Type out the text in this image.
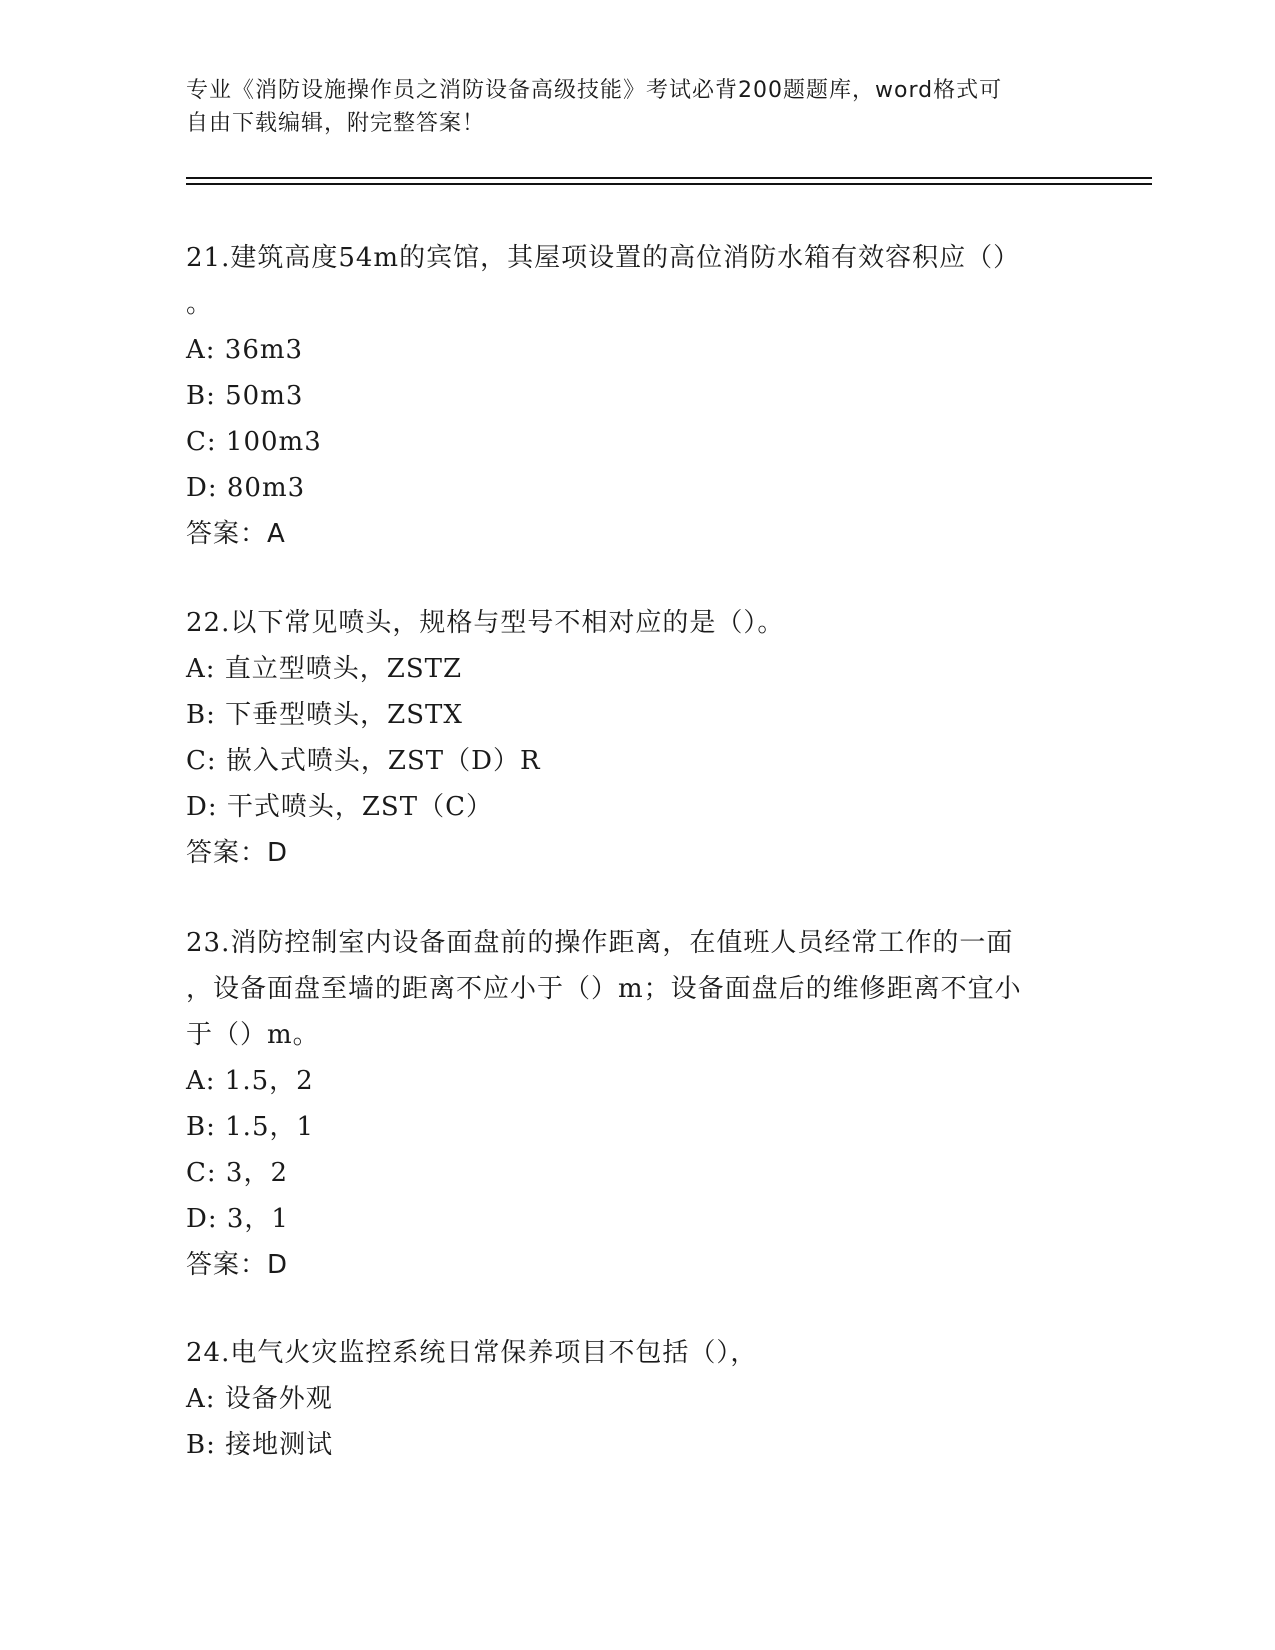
专业《消防设施操作员之消防设备高级技能》考试必背200题题库，word格式可
自由下载编辑，附完整答案！
21.建筑高度54m的宾馆，其屋项设置的高位消防水箱有效容积应（）
。
A: 36m3
B: 50m3
C: 100m3
D: 80m3
答案：A
22.以下常见喷头，规格与型号不相对应的是（）。
A: 直立型喷头，ZSTZ
B: 下垂型喷头，ZSTX
C: 嵌入式喷头，ZST（D）R
D: 干式喷头，ZST（C）
答案：D
23.消防控制室内设备面盘前的操作距离，在值班人员经常工作的一面
，设备面盘至墙的距离不应小于（）m；设备面盘后的维修距离不宜小
于（）m。
A: 1.5，2
B: 1.5，1
C: 3，2
D: 3，1
答案：D
24.电气火灾监控系统日常保养项目不包括（），
A: 设备外观
B: 接地测试
